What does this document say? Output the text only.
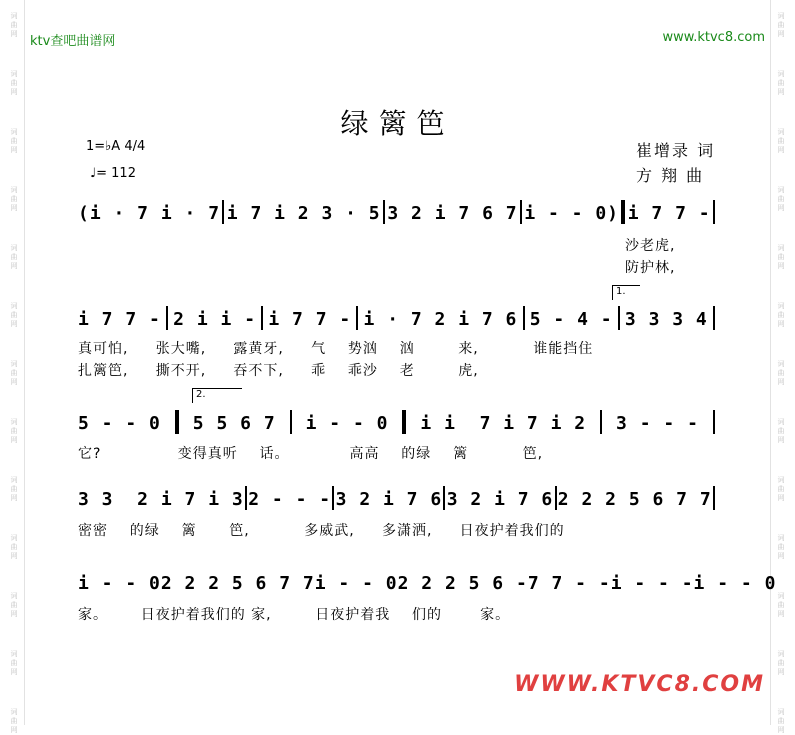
词
曲
网
词
曲
网
词
曲
网
词
曲
网
词
曲
网
词
曲
网
词
曲
网
词
曲
网
词
曲
网
词
曲
网
词
曲
网
词
曲
网
词
曲
网
词
曲
网
词
曲
网
词
曲
网
词
曲
网
词
曲
网
词
曲
网
词
曲
网
词
曲
网
词
曲
网
词
曲
网
词
曲
网
词
曲
网
词
曲
网
ktv查吧曲谱网	www.ktvc8.com
绿篱笆
1=♭A 4/4
♩= 112
崔增录 词
方 翔 曲
(i · 7 i · 7 i 7 i 2 3 · 5 3 2 i 7 6 7 i - - 0) i 7 7 -
沙老虎,
防护林,
1.
i 7 7 - 2 i i - i 7 7 - i · 7 2 i 7 6 5 - 4 - 3 3 3 4
真可怕,     张大嘴,     露黄牙,     气    势汹    汹        来,          谁能挡住
扎篱笆,     撕不开,     吞不下,     乖    乖沙    老        虎,
2.
5 - - 0 5 5 6 7 i - - 0 i i  7 i 7 i 2 3 - - -
它?              变得真听    话。           高高    的绿    篱          笆,
3 3  2 i 7 i 3 2 - - - 3 2 i 7 6 3 2 i 7 6 2 2 2 5 6 7 7
密密    的绿    篱      笆,          多威武,     多潇洒,     日夜护着我们的
i - - 0 2 2 2 5 6 7 7 i - - 0 2 2 2 5 6 - 7 7 - - i - - - i - - 0
家。      日夜护着我们的 家,        日夜护着我    们的       家。
WWW.KTVC8.COM
